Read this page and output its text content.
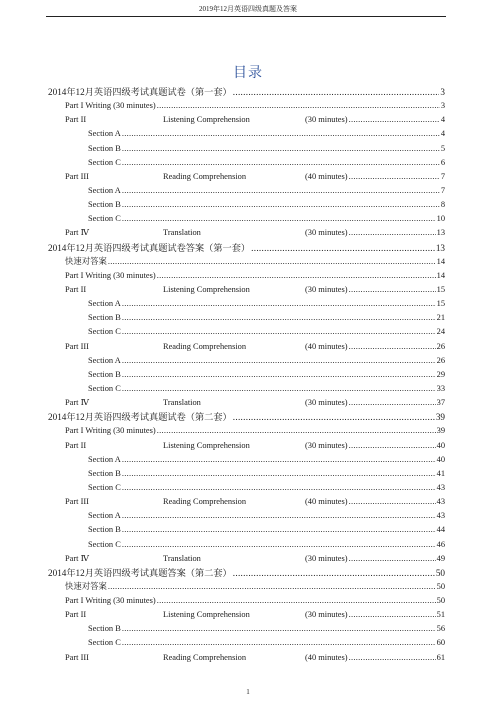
2019年12月英语四级真题及答案
目录
2014年12月英语四级考试真题试卷（第一套） .....	3
Part I Writing (30 minutes) .....	3
Part II	Listening Comprehension	(30 minutes) .....	4
Section A .....	4
Section B .....	5
Section C .....	6
Part III	Reading Comprehension	(40 minutes) .....	7
Section A .....	7
Section B .....	8
Section C .....	10
Part Ⅳ	Translation	(30 minutes) .....	13
2014年12月英语四级考试真题试卷答案（第一套） .....	13
快速对答案 .....	14
Part I Writing (30 minutes) .....	14
Part II	Listening Comprehension	(30 minutes) .....	15
Section A .....	15
Section B .....	21
Section C .....	24
Part III	Reading Comprehension	(40 minutes) .....	26
Section A .....	26
Section B .....	29
Section C .....	33
Part Ⅳ	Translation	(30 minutes) .....	37
2014年12月英语四级考试真题试卷（第二套） .....	39
Part I Writing (30 minutes) .....	39
Part II	Listening Comprehension	(30 minutes) .....	40
Section A .....	40
Section B .....	41
Section C .....	43
Part III	Reading Comprehension	(40 minutes) .....	43
Section A .....	43
Section B .....	44
Section C .....	46
Part Ⅳ	Translation	(30 minutes) .....	49
2014年12月英语四级考试真题答案（第二套） .....	50
快速对答案 .....	50
Part I Writing (30 minutes) .....	50
Part II	Listening Comprehension	(30 minutes) .....	51
Section B .....	56
Section C .....	60
Part III	Reading Comprehension	(40 minutes) .....	61
1
